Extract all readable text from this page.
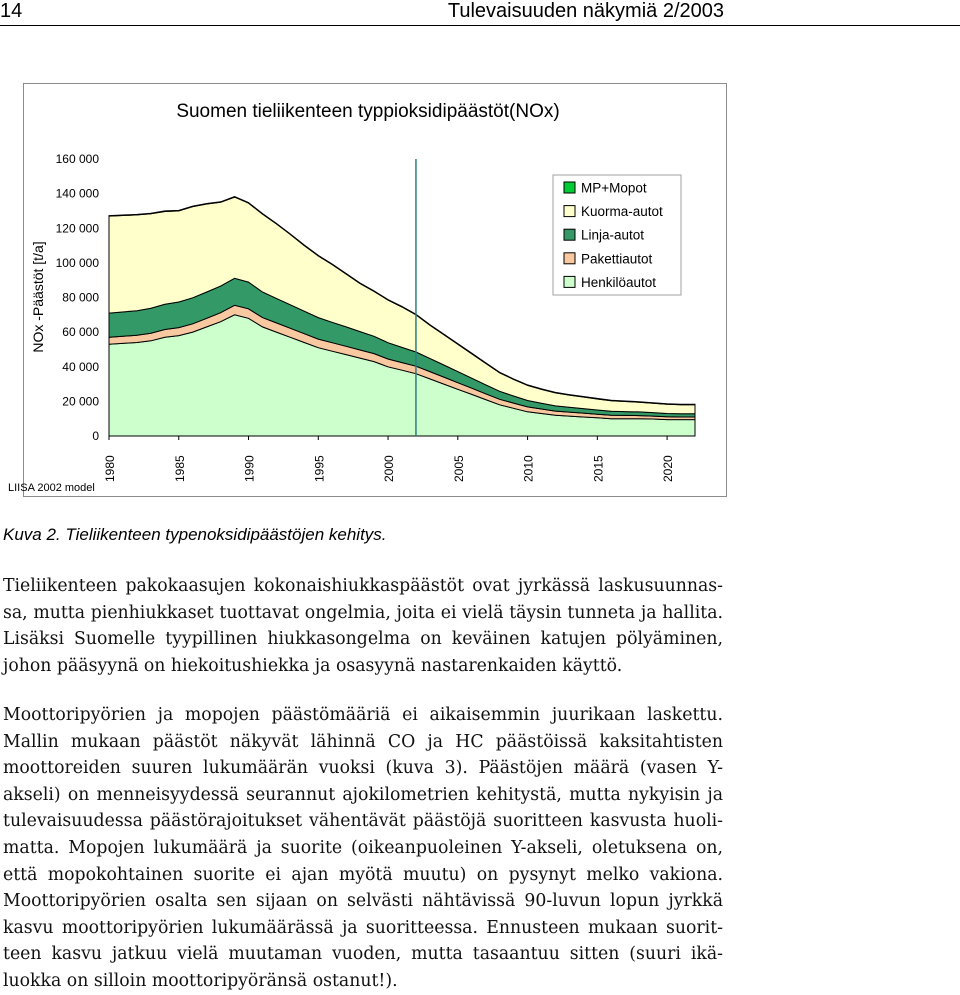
14	Tulevaisuuden näkymiä 2/2003
Suomen tieliikenteen typpioksidipäästöt(NOx)
NOx -Päästöt [t/a]
LIISA 2002 model
0
20 000
40 000
60 000
80 000
100 000
120 000
140 000
160 000
1980	1985	1990	1995	2000	2005	2010	2015	2020
MP+Mopot
Kuorma-autot
Linja-autot
Pakettiautot
Henkilöautot
Kuva 2. Tieliikenteen typenoksidipäästöjen kehitys.
Tieliikenteen pakokaasujen kokonaishiukkaspäästöt ovat jyrkässä laskusuunnas-
sa, mutta pienhiukkaset tuottavat ongelmia, joita ei vielä täysin tunneta ja hallita.
Lisäksi Suomelle tyypillinen hiukkasongelma on keväinen katujen pölyäminen,
johon pääsyynä on hiekoitushiekka ja osasyynä nastarenkaiden käyttö.
Moottoripyörien ja mopojen päästömääriä ei aikaisemmin juurikaan laskettu.
Mallin mukaan päästöt näkyvät lähinnä CO ja HC päästöissä kaksitahtisten
moottoreiden suuren lukumäärän vuoksi (kuva 3). Päästöjen määrä (vasen Y-
akseli) on menneisyydessä seurannut ajokilometrien kehitystä, mutta nykyisin ja
tulevaisuudessa päästörajoitukset vähentävät päästöjä suoritteen kasvusta huoli-
matta. Mopojen lukumäärä ja suorite (oikeanpuoleinen Y-akseli, oletuksena on,
että mopokohtainen suorite ei ajan myötä muutu) on pysynyt melko vakiona.
Moottoripyörien osalta sen sijaan on selvästi nähtävissä 90-luvun lopun jyrkkä
kasvu moottoripyörien lukumäärässä ja suoritteessa. Ennusteen mukaan suorit-
teen kasvu jatkuu vielä muutaman vuoden, mutta tasaantuu sitten (suuri ikä-
luokka on silloin moottoripyöränsä ostanut!).
